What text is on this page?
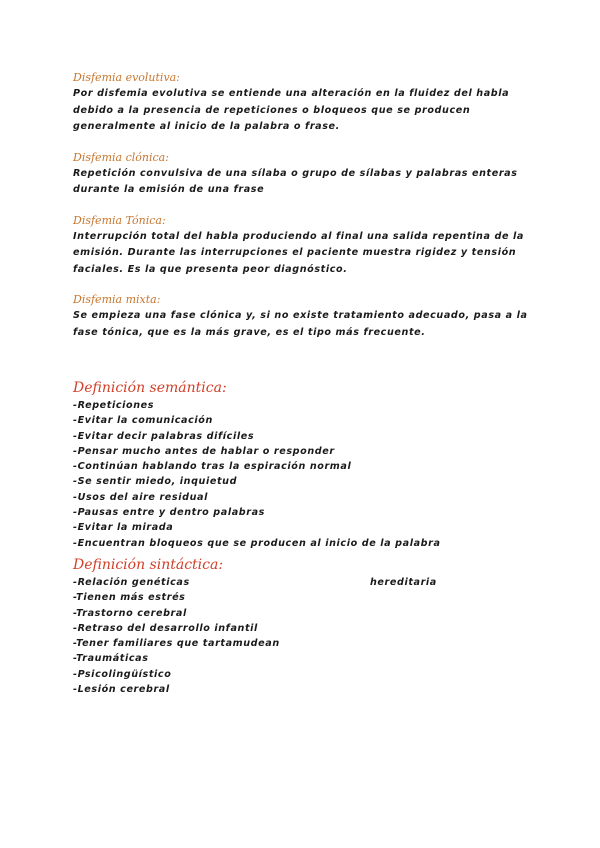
Disfemia evolutiva:

Por disfemia evolutiva se entiende una alteración en la fluidez del habla debido a la presencia de repeticiones o bloqueos que se producen generalmente al inicio de la palabra o frase.

Disfemia clónica:

Repetición convulsiva de una sílaba o grupo de sílabas y palabras enteras durante la emisión de una frase

Disfemia Tónica:

Interrupción total del habla produciendo al final una salida repentina de la emisión. Durante las interrupciones el paciente muestra rigidez y tensión faciales. Es la que presenta peor diagnóstico.

Disfemia mixta:

Se empieza una fase clónica y, si no existe tratamiento adecuado, pasa a la fase tónica, que es la más grave, es el tipo más frecuente.

Definición semántica:

-Repeticiones
-Evitar la comunicación
-Evitar decir palabras difíciles
-Pensar mucho antes de hablar o responder
-Continúan hablando tras la espiración normal
-Se sentir miedo, inquietud
-Usos del aire residual
-Pausas entre y dentro palabras
-Evitar la mirada
-Encuentran bloqueos que se producen al inicio de la palabra

Definición sintáctica:

-Relación genéticas	hereditaria
-Tienen más estrés
-Trastorno cerebral
-Retraso del desarrollo infantil
-Tener familiares que tartamudean
-Traumáticas
-Psicolingüístico
-Lesión cerebral
